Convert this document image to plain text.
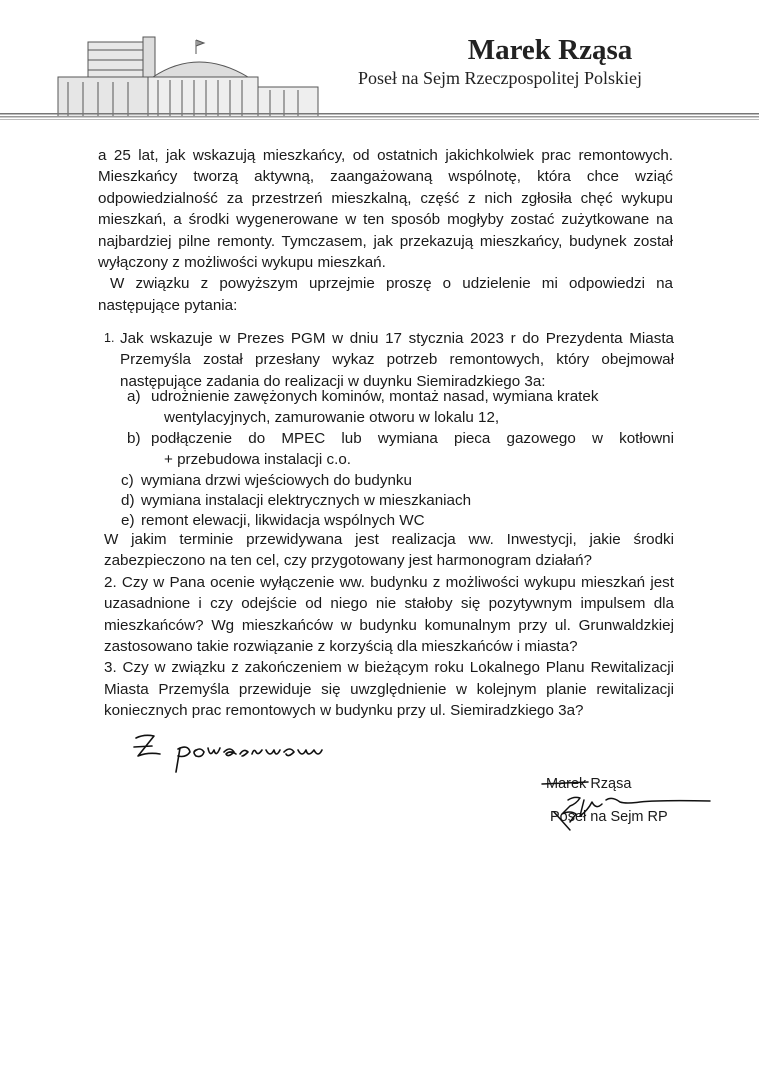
Marek Rząsa
Poseł na Sejm Rzeczpospolitej Polskiej

a 25 lat, jak wskazują mieszkańcy, od ostatnich jakichkolwiek prac remontowych. Mieszkańcy tworzą aktywną, zaangażowaną wspólnotę, która chce wziąć odpowiedzialność za przestrzeń mieszkalną, część z nich zgłosiła chęć wykupu mieszkań, a środki wygenerowane w ten sposób mogłyby zostać zużytkowane na najbardziej pilne remonty. Tymczasem, jak przekazują mieszkańcy, budynek został wyłączony z możliwości wykupu mieszkań.

W związku z powyższym uprzejmie proszę o udzielenie mi odpowiedzi na następujące pytania:

1. Jak wskazuje w Prezes PGM w dniu 17 stycznia 2023 r do Prezydenta Miasta Przemyśla został przesłany wykaz potrzeb remontowych, który obejmował następujące zadania do realizacji w duynku Siemiradzkiego 3a:
a) udrożnienie zawężonych kominów, montaż nasad, wymiana kratek
wentylacyjnych, zamurowanie otworu w lokalu 12,
b) podłączenie do MPEC lub wymiana pieca gazowego w kotłowni
+ przebudowa instalacji c.o.
c) wymiana drzwi wjeściowych do budynku
d) wymiana instalacji elektrycznych w mieszkaniach
e) remont elewacji, likwidacja wspólnych WC

W jakim terminie przewidywana jest realizacja ww. Inwestycji, jakie środki zabezpieczono na ten cel, czy przygotowany jest harmonogram działań?

2. Czy w Pana ocenie wyłączenie ww. budynku z możliwości wykupu mieszkań jest uzasadnione i czy odejście od niego nie stałoby się pozytywnym impulsem dla mieszkańców? Wg mieszkańców w budynku komunalnym przy ul. Grunwaldzkiej zastosowano takie rozwiązanie z korzyścią dla mieszkańców i miasta?

3. Czy w związku z zakończeniem w bieżącym roku Lokalnego Planu Rewitalizacji Miasta Przemyśla przewiduje się uwzględnienie w kolejnym planie rewitalizacji koniecznych prac remontowych w budynku przy ul. Siemiradzkiego 3a?

Marek Rząsa
Poseł na Sejm RP
